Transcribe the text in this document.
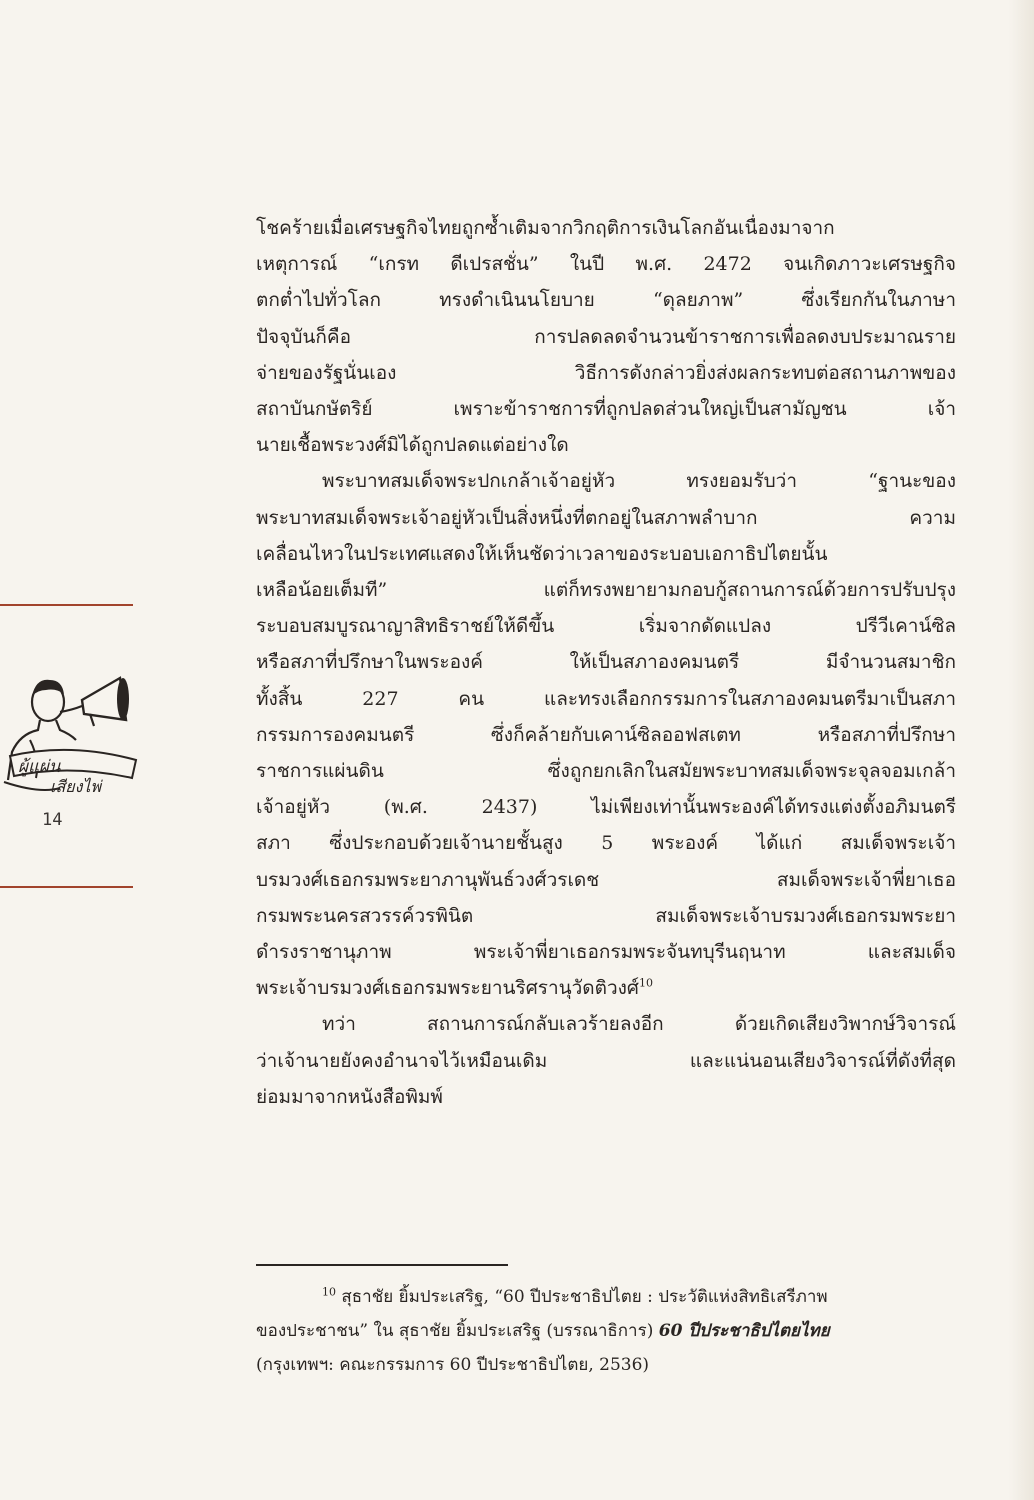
โชคร้ายเมื่อเศรษฐกิจไทยถูกซ้ำเติมจากวิกฤติการเงินโลกอันเนื่องมาจาก
เหตุการณ์ “เกรท ดีเปรสชั่น” ในปี พ.ศ. 2472 จนเกิดภาวะเศรษฐกิจ
ตกต่ำไปทั่วโลก ทรงดำเนินนโยบาย “ดุลยภาพ” ซึ่งเรียกกันในภาษา
ปัจจุบันก็คือ การปลดลดจำนวนข้าราชการเพื่อลดงบประมาณราย
จ่ายของรัฐนั่นเอง วิธีการดังกล่าวยิ่งส่งผลกระทบต่อสถานภาพของ
สถาบันกษัตริย์ เพราะข้าราชการที่ถูกปลดส่วนใหญ่เป็นสามัญชน เจ้า
นายเชื้อพระวงศ์มิได้ถูกปลดแต่อย่างใด
พระบาทสมเด็จพระปกเกล้าเจ้าอยู่หัว ทรงยอมรับว่า “ฐานะของ
พระบาทสมเด็จพระเจ้าอยู่หัวเป็นสิ่งหนึ่งที่ตกอยู่ในสภาพลำบาก ความ
เคลื่อนไหวในประเทศแสดงให้เห็นชัดว่าเวลาของระบอบเอกาธิปไตยนั้น
เหลือน้อยเต็มที” แต่ก็ทรงพยายามกอบกู้สถานการณ์ด้วยการปรับปรุง
ระบอบสมบูรณาญาสิทธิราชย์ให้ดีขึ้น เริ่มจากดัดแปลง ปรีวีเคาน์ซิล
หรือสภาที่ปรึกษาในพระองค์ ให้เป็นสภาองคมนตรี มีจำนวนสมาชิก
ทั้งสิ้น 227 คน และทรงเลือกกรรมการในสภาองคมนตรีมาเป็นสภา
กรรมการองคมนตรี ซึ่งก็คล้ายกับเคาน์ซิลออฟสเตท หรือสภาที่ปรึกษา
ราชการแผ่นดิน ซึ่งถูกยกเลิกในสมัยพระบาทสมเด็จพระจุลจอมเกล้า
เจ้าอยู่หัว (พ.ศ. 2437) ไม่เพียงเท่านั้นพระองค์ได้ทรงแต่งตั้งอภิมนตรี
สภา ซึ่งประกอบด้วยเจ้านายชั้นสูง 5 พระองค์ ได้แก่ สมเด็จพระเจ้า
บรมวงศ์เธอกรมพระยาภานุพันธ์วงศ์วรเดช สมเด็จพระเจ้าพี่ยาเธอ
กรมพระนครสวรรค์วรพินิต สมเด็จพระเจ้าบรมวงศ์เธอกรมพระยา
ดำรงราชานุภาพ พระเจ้าพี่ยาเธอกรมพระจันทบุรีนฤนาท และสมเด็จ
พระเจ้าบรมวงศ์เธอกรมพระยานริศรานุวัดติวงศ์$^{10}$
ทว่า สถานการณ์กลับเลวร้ายลงอีก ด้วยเกิดเสียงวิพากษ์วิจารณ์
ว่าเจ้านายยังคงอำนาจไว้เหมือนเดิม และแน่นอนเสียงวิจารณ์ที่ดังที่สุด
ย่อมมาจากหนังสือพิมพ์
ผู้แผ่น
เสียงไพ่
14
$^{10}$ สุธาชัย ยิ้มประเสริฐ, “60 ปีประชาธิปไตย : ประวัติแห่งสิทธิเสรีภาพ
ของประชาชน” ใน สุธาชัย ยิ้มประเสริฐ (บรรณาธิการ) 60 ปีประชาธิปไตยไทย
(กรุงเทพฯ: คณะกรรมการ 60 ปีประชาธิปไตย, 2536)
